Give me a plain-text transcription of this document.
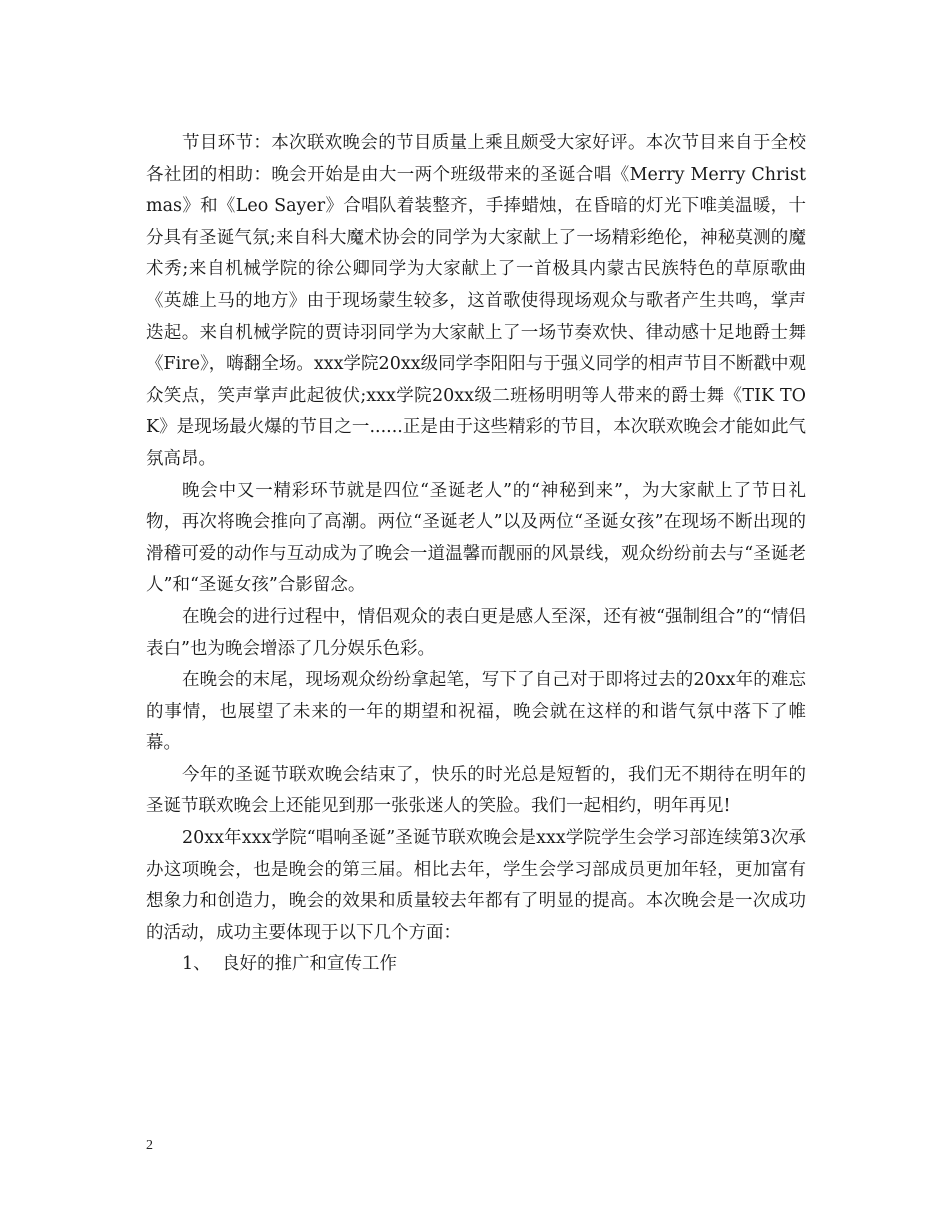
节目环节：本次联欢晚会的节目质量上乘且颇受大家好评。本次节目来自于全校各社团的相助：晚会开始是由大一两个班级带来的圣诞合唱《Merry Merry Christmas》和《Leo Sayer》合唱队着装整齐，手捧蜡烛，在昏暗的灯光下唯美温暖，十分具有圣诞气氛;来自科大魔术协会的同学为大家献上了一场精彩绝伦，神秘莫测的魔术秀;来自机械学院的徐公卿同学为大家献上了一首极具内蒙古民族特色的草原歌曲《英雄上马的地方》由于现场蒙生较多，这首歌使得现场观众与歌者产生共鸣，掌声迭起。来自机械学院的贾诗羽同学为大家献上了一场节奏欢快、律动感十足地爵士舞《Fire》，嗨翻全场。xxx学院20xx级同学李阳阳与于强义同学的相声节目不断戳中观众笑点，笑声掌声此起彼伏;xxx学院20xx级二班杨明明等人带来的爵士舞《TIK TOK》是现场最火爆的节目之一......正是由于这些精彩的节目，本次联欢晚会才能如此气氛高昂。

晚会中又一精彩环节就是四位“圣诞老人”的“神秘到来”，为大家献上了节日礼物，再次将晚会推向了高潮。两位“圣诞老人”以及两位“圣诞女孩”在现场不断出现的滑稽可爱的动作与互动成为了晚会一道温馨而靓丽的风景线，观众纷纷前去与“圣诞老人”和“圣诞女孩”合影留念。

在晚会的进行过程中，情侣观众的表白更是感人至深，还有被“强制组合”的“情侣表白”也为晚会增添了几分娱乐色彩。

在晚会的末尾，现场观众纷纷拿起笔，写下了自己对于即将过去的20xx年的难忘的事情，也展望了未来的一年的期望和祝福，晚会就在这样的和谐气氛中落下了帷幕。

今年的圣诞节联欢晚会结束了，快乐的时光总是短暂的，我们无不期待在明年的圣诞节联欢晚会上还能见到那一张张迷人的笑脸。我们一起相约，明年再见!

20xx年xxx学院“唱响圣诞”圣诞节联欢晚会是xxx学院学生会学习部连续第3次承办这项晚会，也是晚会的第三届。相比去年，学生会学习部成员更加年轻，更加富有想象力和创造力，晚会的效果和质量较去年都有了明显的提高。本次晚会是一次成功的活动，成功主要体现于以下几个方面：

1、 良好的推广和宣传工作

2
